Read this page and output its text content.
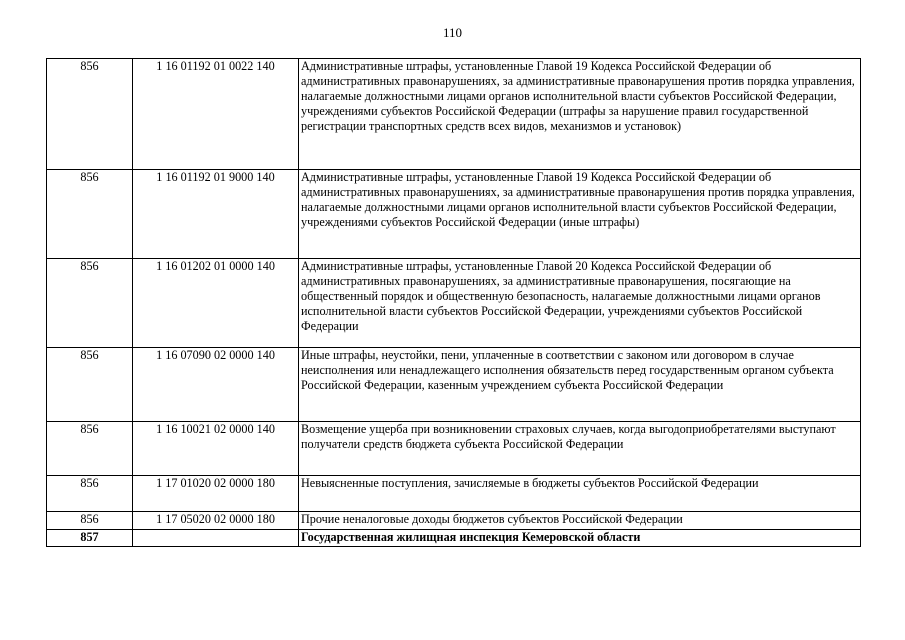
110
856	1 16 01192 01 0022 140	Административные штрафы, установленные Главой 19 Кодекса Российской Федерации об административных правонарушениях, за административные правонарушения против порядка управления, налагаемые должностными лицами органов исполнительной власти субъектов Российской Федерации, учреждениями субъектов Российской Федерации (штрафы за нарушение правил государственной регистрации транспортных средств всех видов, механизмов и установок)
856	1 16 01192 01 9000 140	Административные штрафы, установленные Главой 19 Кодекса Российской Федерации об административных правонарушениях, за административные правонарушения против порядка управления, налагаемые должностными лицами органов исполнительной власти субъектов Российской Федерации, учреждениями субъектов Российской Федерации (иные штрафы)
856	1 16 01202 01 0000 140	Административные штрафы, установленные Главой 20 Кодекса Российской Федерации об административных правонарушениях, за административные правонарушения, посягающие на общественный порядок и общественную безопасность, налагаемые должностными лицами органов исполнительной власти субъектов Российской Федерации, учреждениями субъектов Российской Федерации
856	1 16 07090 02 0000 140	Иные штрафы, неустойки, пени, уплаченные в соответствии с законом или договором в случае неисполнения или ненадлежащего исполнения обязательств перед государственным органом субъекта Российской Федерации, казенным учреждением субъекта Российской Федерации
856	1 16 10021 02 0000 140	Возмещение ущерба при возникновении страховых случаев, когда выгодоприобретателями выступают получатели средств бюджета субъекта Российской Федерации
856	1 17 01020 02 0000 180	Невыясненные поступления, зачисляемые в бюджеты субъектов Российской Федерации
856	1 17 05020 02 0000 180	Прочие неналоговые доходы бюджетов субъектов Российской Федерации
857		Государственная жилищная инспекция Кемеровской области
